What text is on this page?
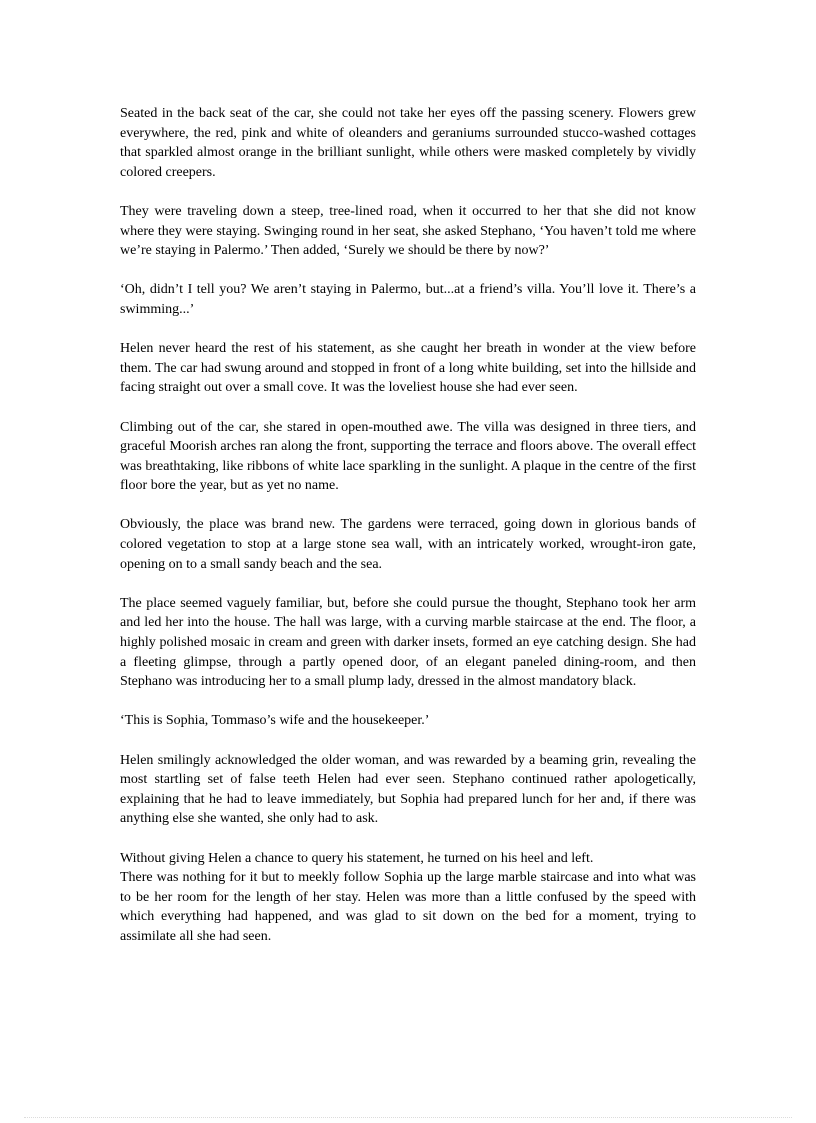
Seated in the back seat of the car, she could not take her eyes off the passing scenery. Flowers grew everywhere, the red, pink and white of oleanders and geraniums surrounded stucco-washed cottages that sparkled almost orange in the brilliant sunlight, while others were masked completely by vividly colored creepers.

They were traveling down a steep, tree-lined road, when it occurred to her that she did not know where they were staying. Swinging round in her seat, she asked Stephano, ‘You haven’t told me where we’re staying in Palermo.’ Then added, ‘Surely we should be there by now?’

‘Oh, didn’t I tell you? We aren’t staying in Palermo, but...at a friend’s villa. You’ll love it. There’s a swimming...’

Helen never heard the rest of his statement, as she caught her breath in wonder at the view before them. The car had swung around and stopped in front of a long white building, set into the hillside and facing straight out over a small cove. It was the loveliest house she had ever seen.

Climbing out of the car, she stared in open-mouthed awe. The villa was designed in three tiers, and graceful Moorish arches ran along the front, supporting the terrace and floors above. The overall effect was breathtaking, like ribbons of white lace sparkling in the sunlight. A plaque in the centre of the first floor bore the year, but as yet no name.

Obviously, the place was brand new. The gardens were terraced, going down in glorious bands of colored vegetation to stop at a large stone sea wall, with an intricately worked, wrought-iron gate, opening on to a small sandy beach and the sea.

The place seemed vaguely familiar, but, before she could pursue the thought, Stephano took her arm and led her into the house. The hall was large, with a curving marble staircase at the end. The floor, a highly polished mosaic in cream and green with darker insets, formed an eye catching design. She had a fleeting glimpse, through a partly opened door, of an elegant paneled dining-room, and then Stephano was introducing her to a small plump lady, dressed in the almost mandatory black.

‘This is Sophia, Tommaso’s wife and the housekeeper.’

Helen smilingly acknowledged the older woman, and was rewarded by a beaming grin, revealing the most startling set of false teeth Helen had ever seen. Stephano continued rather apologetically, explaining that he had to leave immediately, but Sophia had prepared lunch for her and, if there was anything else she wanted, she only had to ask.

Without giving Helen a chance to query his statement, he turned on his heel and left.
There was nothing for it but to meekly follow Sophia up the large marble staircase and into what was to be her room for the length of her stay. Helen was more than a little confused by the speed with which everything had happened, and was glad to sit down on the bed for a moment, trying to assimilate all she had seen.
